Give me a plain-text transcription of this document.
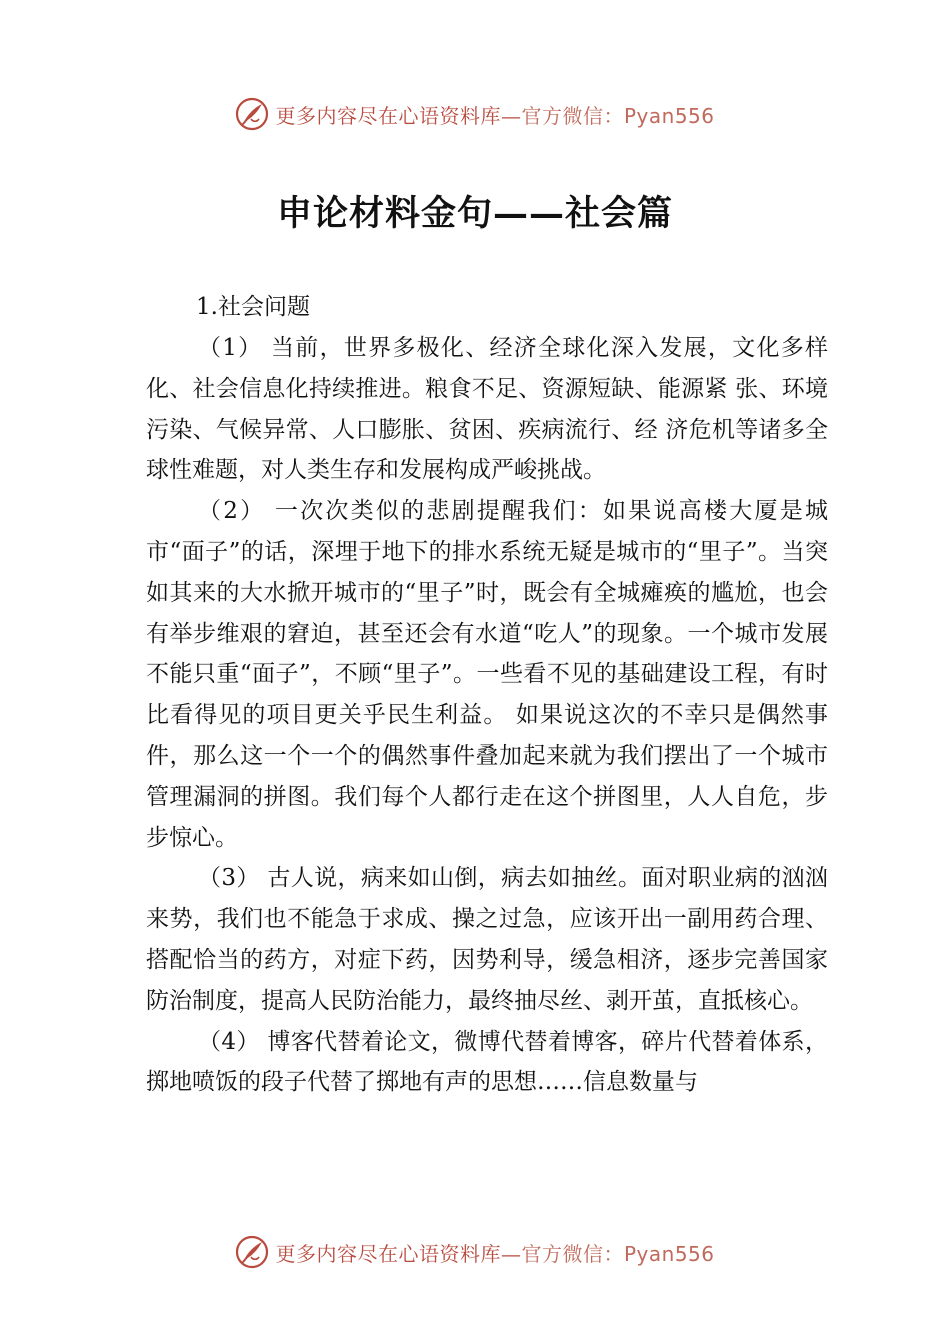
更多内容尽在心语资料库—官方微信：Pyan556
申论材料金句——社会篇

1.社会问题

（1） 当前，世界多极化、经济全球化深入发展，文化多样化、社会信息化持续推进。粮食不足、资源短缺、能源紧 张、环境污染、气候异常、人口膨胀、贫困、疾病流行、经 济危机等诸多全球性难题，对人类生存和发展构成严峻挑战。

（2） 一次次类似的悲剧提醒我们：如果说高楼大厦是城市“面子”的话，深埋于地下的排水系统无疑是城市的“里子”。当突如其来的大水掀开城市的“里子”时，既会有全城瘫痪的尴尬，也会有举步维艰的窘迫，甚至还会有水道“吃人”的现象。一个城市发展不能只重“面子”，不顾“里子”。一些看不见的基础建设工程，有时比看得见的项目更关乎民生利益。 如果说这次的不幸只是偶然事件，那么这一个一个的偶然事件叠加起来就为我们摆出了一个城市管理漏洞的拼图。我们每个人都行走在这个拼图里，人人自危，步步惊心。

（3） 古人说，病来如山倒，病去如抽丝。面对职业病的汹汹来势，我们也不能急于求成、操之过急，应该开出一副用药合理、搭配恰当的药方，对症下药，因势利导，缓急相济，逐步完善国家防治制度，提高人民防治能力，最终抽尽丝、剥开茧，直抵核心。

（4） 博客代替着论文，微博代替着博客，碎片代替着体系，掷地喷饭的段子代替了掷地有声的思想……信息数量与

更多内容尽在心语资料库—官方微信：Pyan556
